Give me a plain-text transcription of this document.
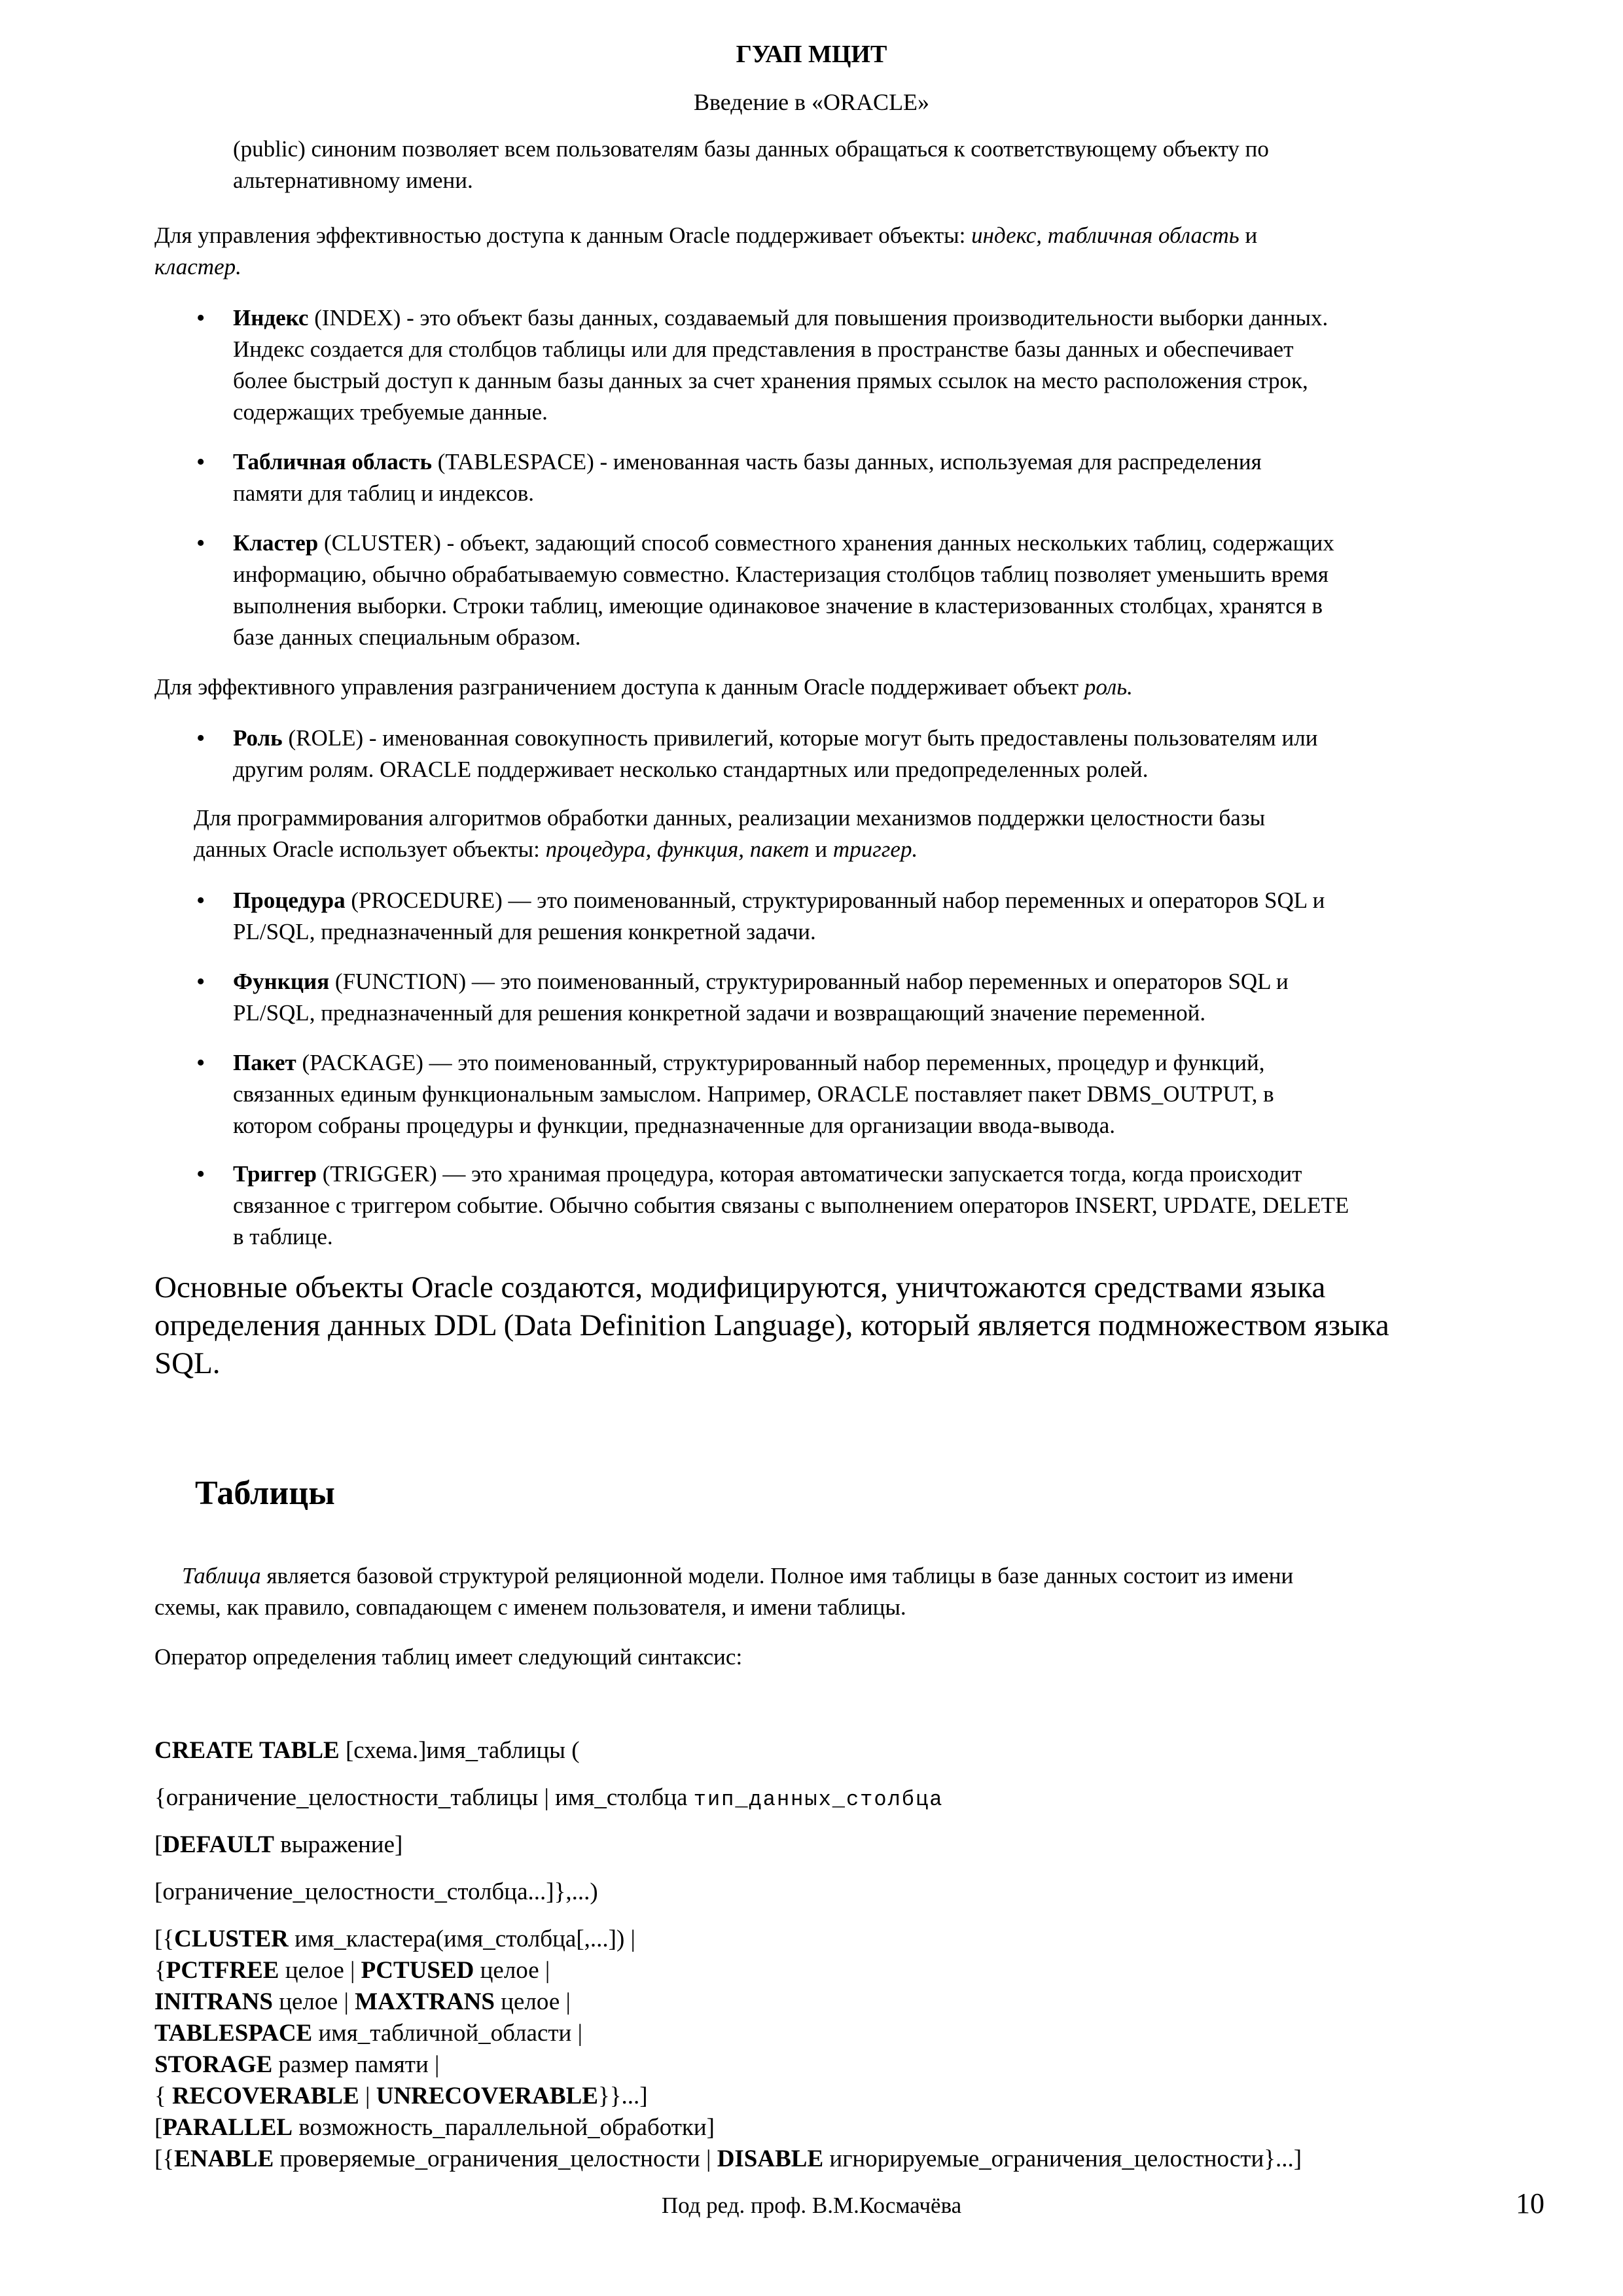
ГУАП МЦИТ
Введение в «ORACLE»
(public) синоним позволяет всем пользователям базы данных обращаться к соответствующему объекту по
альтернативному имени.
Для управления эффективностью доступа к данным Oracle поддерживает объекты: индекс, табличная область и
кластер.
• Индекс (INDEX) - это объект базы данных, создаваемый для повышения производительности выборки данных.
Индекс создается для столбцов таблицы или для представления в пространстве базы данных и обеспечивает
более быстрый доступ к данным базы данных за счет хранения прямых ссылок на место расположения строк,
содержащих требуемые данные.
• Табличная область (TABLESPACE) - именованная часть базы данных, используемая для распределения
памяти для таблиц и индексов.
• Кластер (CLUSTER) - объект, задающий способ совместного хранения данных нескольких таблиц, содержащих
информацию, обычно обрабатываемую совместно. Кластеризация столбцов таблиц позволяет уменьшить время
выполнения выборки. Строки таблиц, имеющие одинаковое значение в кластеризованных столбцах, хранятся в
базе данных специальным образом.
Для эффективного управления разграничением доступа к данным Oracle поддерживает объект роль.
• Роль (ROLE) - именованная совокупность привилегий, которые могут быть предоставлены пользователям или
другим ролям. ORACLE поддерживает несколько стандартных или предопределенных ролей.
Для программирования алгоритмов обработки данных, реализации механизмов поддержки целостности базы
данных Oracle использует объекты: процедура, функция, пакет и триггер.
• Процедура (PROCEDURE) — это поименованный, структурированный набор переменных и операторов SQL и
PL/SQL, предназначенный для решения конкретной задачи.
• Функция (FUNCTION) — это поименованный, структурированный набор переменных и операторов SQL и
PL/SQL, предназначенный для решения конкретной задачи и возвращающий значение переменной.
• Пакет (PACKAGE) — это поименованный, структурированный набор переменных, процедур и функций,
связанных единым функциональным замыслом. Например, ORACLE поставляет пакет DBMS_OUTPUT, в
котором собраны процедуры и функции, предназначенные для организации ввода-вывода.
• Триггер (TRIGGER) — это хранимая процедура, которая автоматически запускается тогда, когда происходит
связанное с триггером событие. Обычно события связаны с выполнением операторов INSERT, UPDATE, DELETE
в таблице.
Основные объекты Oracle создаются, модифицируются, уничтожаются средствами языка
определения данных DDL (Data Definition Language), который является подмножеством языка
SQL.
Таблицы
Таблица является базовой структурой реляционной модели. Полное имя таблицы в базе данных состоит из имени
схемы, как правило, совпадающем с именем пользователя, и имени таблицы.
Оператор определения таблиц имеет следующий синтаксис:
CREATE TABLE [схема.]имя_таблицы (
{ограничение_целостности_таблицы | имя_столбца тип_данных_столбца
[DEFAULT выражение]
[ограничение_целостности_столбца...]},...)
[{CLUSTER имя_кластера(имя_столбца[,...]) |
{PCTFREE целое | PCTUSED целое |
INITRANS целое | MAXTRANS целое |
TABLESPACE имя_табличной_области |
STORAGE размер памяти |
{ RECOVERABLE | UNRECOVERABLE}}...]
[PARALLEL возможность_параллельной_обработки]
[{ENABLE проверяемые_ограничения_целостности | DISABLE игнорируемые_ограничения_целостности}...]
Под ред. проф. В.М.Космачёва	10
